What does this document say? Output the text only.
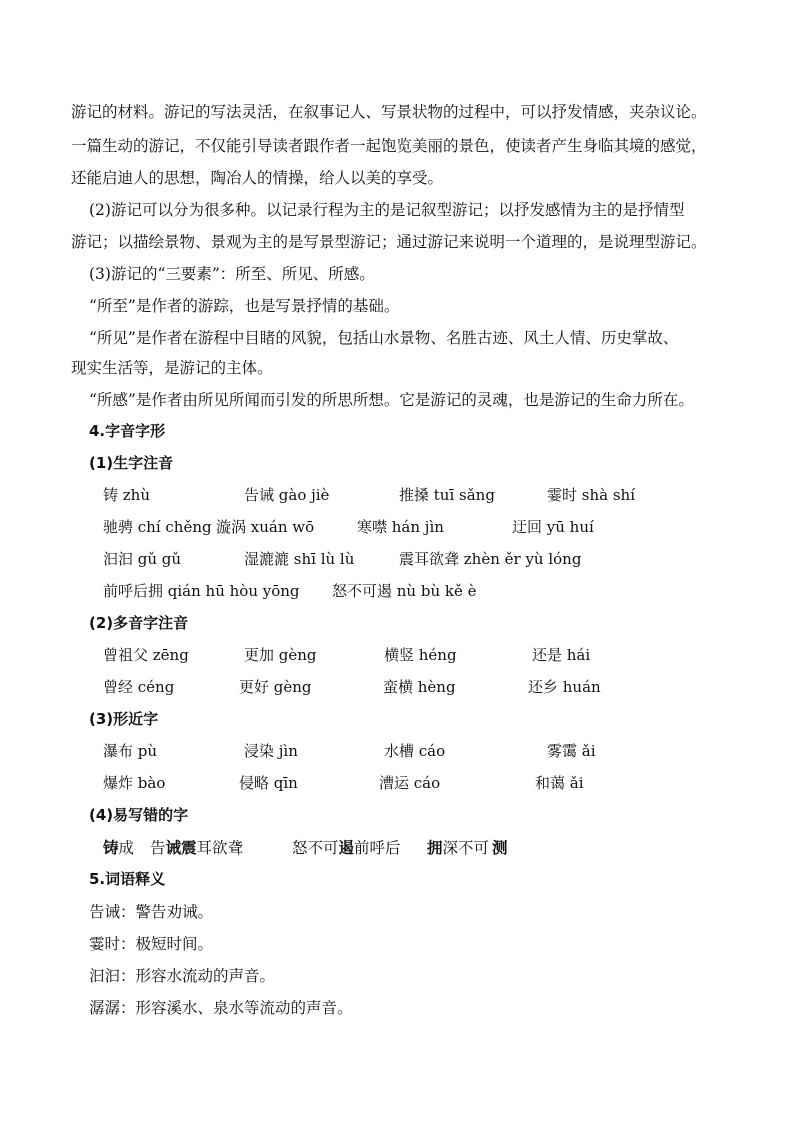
游记的材料。游记的写法灵活，在叙事记人、写景状物的过程中，可以抒发情感，夹杂议论。
一篇生动的游记，不仅能引导读者跟作者一起饱览美丽的景色，使读者产生身临其境的感觉，
还能启迪人的思想，陶冶人的情操，给人以美的享受。
(2)游记可以分为很多种。以记录行程为主的是记叙型游记；以抒发感情为主的是抒情型
游记；以描绘景物、景观为主的是写景型游记；通过游记来说明一个道理的，是说理型游记。
(3)游记的“三要素”：所至、所见、所感。
“所至”是作者的游踪，也是写景抒情的基础。
“所见”是作者在游程中目睹的风貌，包括山水景物、名胜古迹、风土人情、历史掌故、
现实生活等，是游记的主体。
“所感”是作者由所见所闻而引发的所思所想。它是游记的灵魂，也是游记的生命力所在。
4.字音字形
(1)生字注音
铸 zhù	告诫 gào jiè	推搡 tuī sǎng	霎时 shà shí
驰骋 chí chěng 漩涡 xuán wō	寒噤 hán jìn	迂回 yū huí
汩汩 gǔ gǔ	湿漉漉 shī lù lù	震耳欲聋 zhèn ěr yù lóng
前呼后拥 qián hū hòu yōng 怒不可遏 nù bù kě è
(2)多音字注音
曾祖父 zēng	更加 gèng	横竖 héng	还是 hái
曾经 céng	更好 gèng	蛮横 hèng	还乡 huán
(3)形近字
瀑布 pù	浸染 jìn	水槽 cáo	雾霭 ǎi
爆炸 bào	侵略 qīn	漕运 cáo	和蔼 ǎi
(4)易写错的字
铸成 告诫震耳欲聋	怒不可遏前呼后 拥深不可 测
5.词语释义
告诫：警告劝诫。
霎时：极短时间。
汩汩：形容水流动的声音。
潺潺：形容溪水、泉水等流动的声音。
